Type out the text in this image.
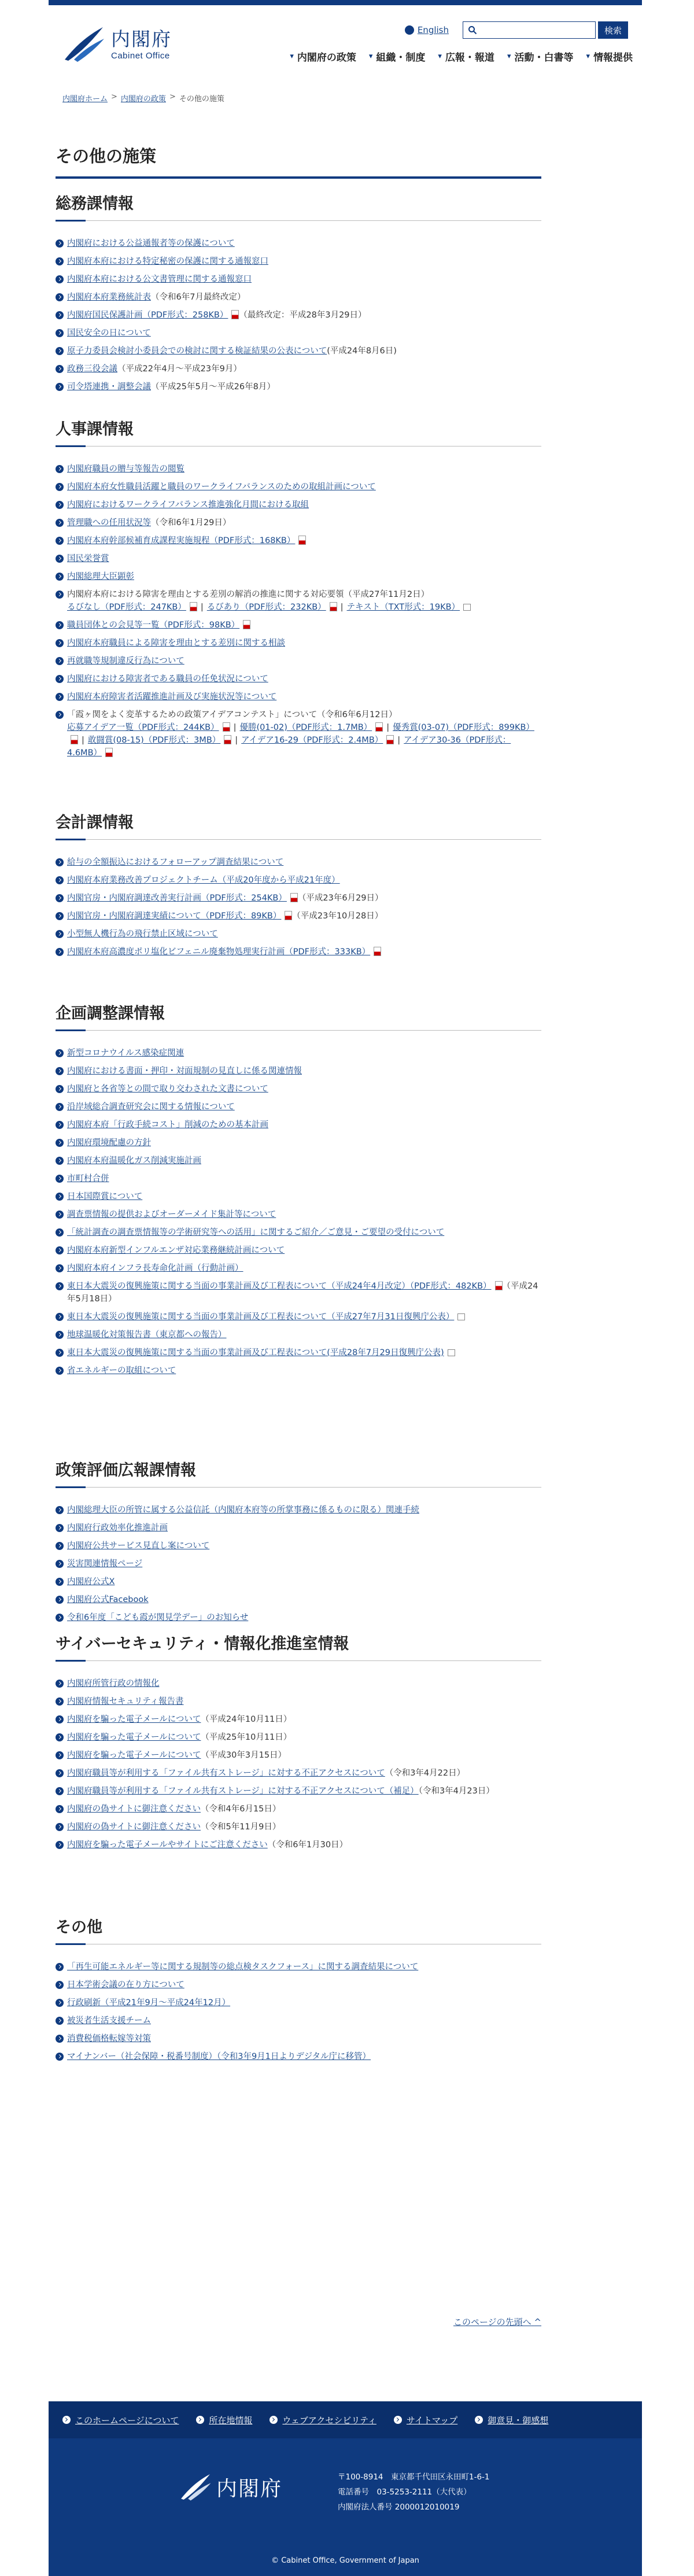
内閣府
Cabinet Office
English	検索
▾ 内閣府の政策 ▾ 組織・制度 ▾ 広報・報道 ▾ 活動・白書等 ▾ 情報提供
内閣府ホーム > 内閣府の政策 > その他の施策
その他の施策
総務課情報
内閣府における公益通報者等の保護について
内閣府本府における特定秘密の保護に関する通報窓口
内閣府本府における公文書管理に関する通報窓口
内閣府本府業務統計表（令和6年7月最終改定）
内閣府国民保護計画（PDF形式：258KB） （最終改定：平成28年3月29日）
国民安全の日について
原子力委員会検討小委員会での検討に関する検証結果の公表について(平成24年8月6日)
政務三役会議（平成22年4月〜平成23年9月）
司令塔連携・調整会議（平成25年5月〜平成26年8月）
人事課情報
内閣府職員の贈与等報告の閲覧
内閣府本府女性職員活躍と職員のワークライフバランスのための取組計画について
内閣府におけるワークライフバランス推進強化月間における取組
管理職への任用状況等（令和6年1月29日）
内閣府本府幹部候補育成課程実施規程（PDF形式：168KB）
国民栄誉賞
内閣総理大臣顕彰
内閣府本府における障害を理由とする差別の解消の推進に関する対応要領（平成27年11月2日）
るびなし（PDF形式：247KB） | るびあり（PDF形式：232KB） | テキスト（TXT形式：19KB）
職員団体との会見等一覧（PDF形式：98KB）
内閣府本府職員による障害を理由とする差別に関する相談
再就職等規制違反行為について
内閣府における障害者である職員の任免状況について
内閣府本府障害者活躍推進計画及び実施状況等について
「霞ヶ関をよく変革するための政策アイデアコンテスト」について（令和6年6月12日）
応募アイデア一覧（PDF形式：244KB） | 優勝(01-02)（PDF形式：1.7MB） | 優秀賞(03-07)（PDF形式：899KB）| 敢闘賞(08-15)（PDF形式：3MB） | アイデア16-29（PDF形式：2.4MB） | アイデア30-36（PDF形式：4.6MB）
会計課情報
給与の全額振込におけるフォローアップ調査結果について
内閣府本府業務改善プロジェクトチーム（平成20年度から平成21年度）
内閣官房・内閣府調達改善実行計画（PDF形式：254KB） （平成23年6月29日）
内閣官房・内閣府調達実績について（PDF形式：89KB） （平成23年10月28日）
小型無人機行為の飛行禁止区域について
内閣府本府高濃度ポリ塩化ビフェニル廃棄物処理実行計画（PDF形式：333KB）
企画調整課情報
新型コロナウイルス感染症関連
内閣府における書面・押印・対面規制の見直しに係る関連情報
内閣府と各省等との間で取り交わされた文書について
沿岸域総合調査研究会に関する情報について
内閣府本府「行政手続コスト」削減のための基本計画
内閣府環境配慮の方針
内閣府本府温暖化ガス削減実施計画
市町村合併
日本国際賞について
調査票情報の提供およびオーダーメイド集計等について
「統計調査の調査票情報等の学術研究等への活用」に関するご紹介／ご意見・ご要望の受付について
内閣府本府新型インフルエンザ対応業務継続計画について
内閣府本府インフラ長寿命化計画（行動計画）
東日本大震災の復興施策に関する当面の事業計画及び工程表について（平成24年4月改定）（PDF形式：482KB） （平成24年5月18日）
東日本大震災の復興施策に関する当面の事業計画及び工程表について（平成27年7月31日復興庁公表）
地球温暖化対策報告書（東京都への報告）
東日本大震災の復興施策に関する当面の事業計画及び工程表について(平成28年7月29日復興庁公表)
省エネルギーの取組について
政策評価広報課情報
内閣総理大臣の所管に属する公益信託（内閣府本府等の所掌事務に係るものに限る）関連手続
内閣府行政効率化推進計画
内閣府公共サービス見直し案について
災害関連情報ページ
内閣府公式X
内閣府公式Facebook
令和6年度「こども霞が関見学デー」のお知らせ
サイバーセキュリティ・情報化推進室情報
内閣府所管行政の情報化
内閣府情報セキュリティ報告書
内閣府を騙った電子メールについて（平成24年10月11日）
内閣府を騙った電子メールについて（平成25年10月11日）
内閣府を騙った電子メールについて（平成30年3月15日）
内閣府職員等が利用する「ファイル共有ストレージ」に対する不正アクセスについて（令和3年4月22日）
内閣府職員等が利用する「ファイル共有ストレージ」に対する不正アクセスについて（補足）（令和3年4月23日）
内閣府の偽サイトに御注意ください（令和4年6月15日）
内閣府の偽サイトに御注意ください（令和5年11月9日）
内閣府を騙った電子メールやサイトにご注意ください（令和6年1月30日）
その他
「再生可能エネルギー等に関する規制等の総点検タスクフォース」に関する調査結果について
日本学術会議の在り方について
行政刷新（平成21年9月〜平成24年12月）
被災者生活支援チーム
消費税価格転嫁等対策
マイナンバー（社会保障・税番号制度）（令和3年9月1日よりデジタル庁に移管）
このページの先頭へ ^
このホームページについて	所在地情報	ウェブアクセシビリティ	サイトマップ	御意見・御感想
内閣府	〒100-8914　東京都千代田区永田町1-6-1
電話番号　03-5253-2111（大代表）
内閣府法人番号 2000012010019
© Cabinet Office, Government of Japan
